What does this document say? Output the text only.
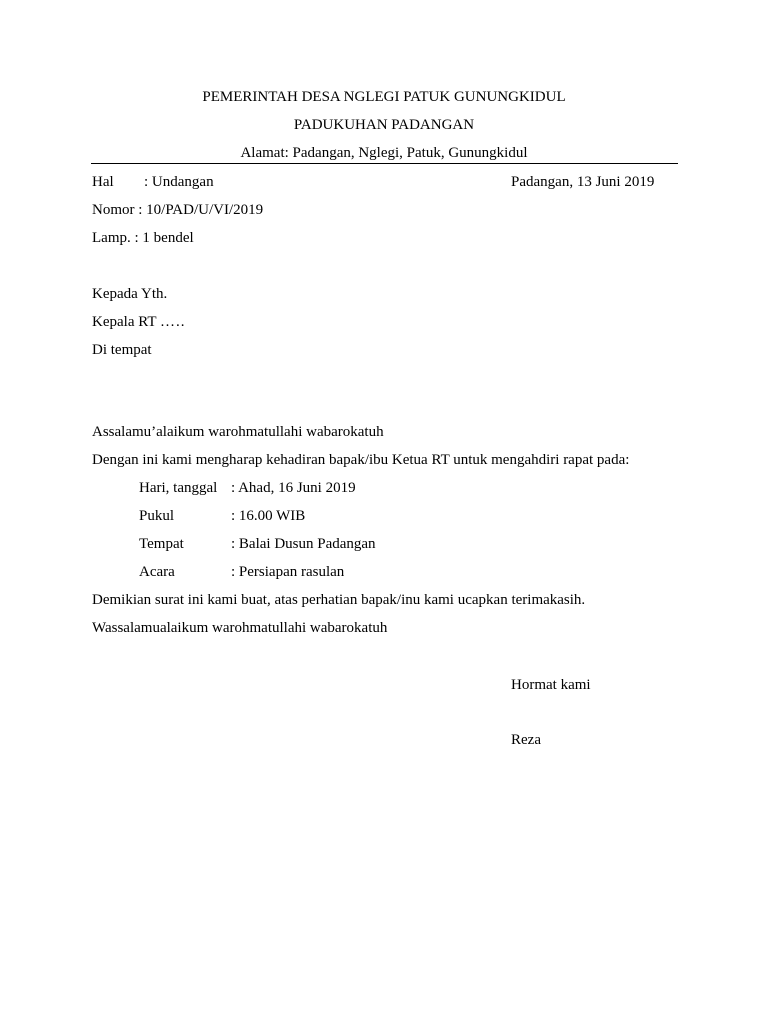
PEMERINTAH DESA NGLEGI PATUK GUNUNGKIDUL
PADUKUHAN PADANGAN
Alamat: Padangan, Nglegi, Patuk, Gunungkidul
Hal : Undangan	Padangan, 13 Juni 2019
Nomor : 10/PAD/U/VI/2019
Lamp. : 1 bendel
Kepada Yth.
Kepala RT …..
Di tempat
Assalamu’alaikum warohmatullahi wabarokatuh
Dengan ini kami mengharap kehadiran bapak/ibu Ketua RT untuk mengahdiri rapat pada:
Hari, tanggal : Ahad, 16 Juni 2019
Pukul	: 16.00 WIB
Tempat	: Balai Dusun Padangan
Acara	: Persiapan rasulan
Demikian surat ini kami buat, atas perhatian bapak/inu kami ucapkan terimakasih.
Wassalamualaikum warohmatullahi wabarokatuh
Hormat kami
Reza
